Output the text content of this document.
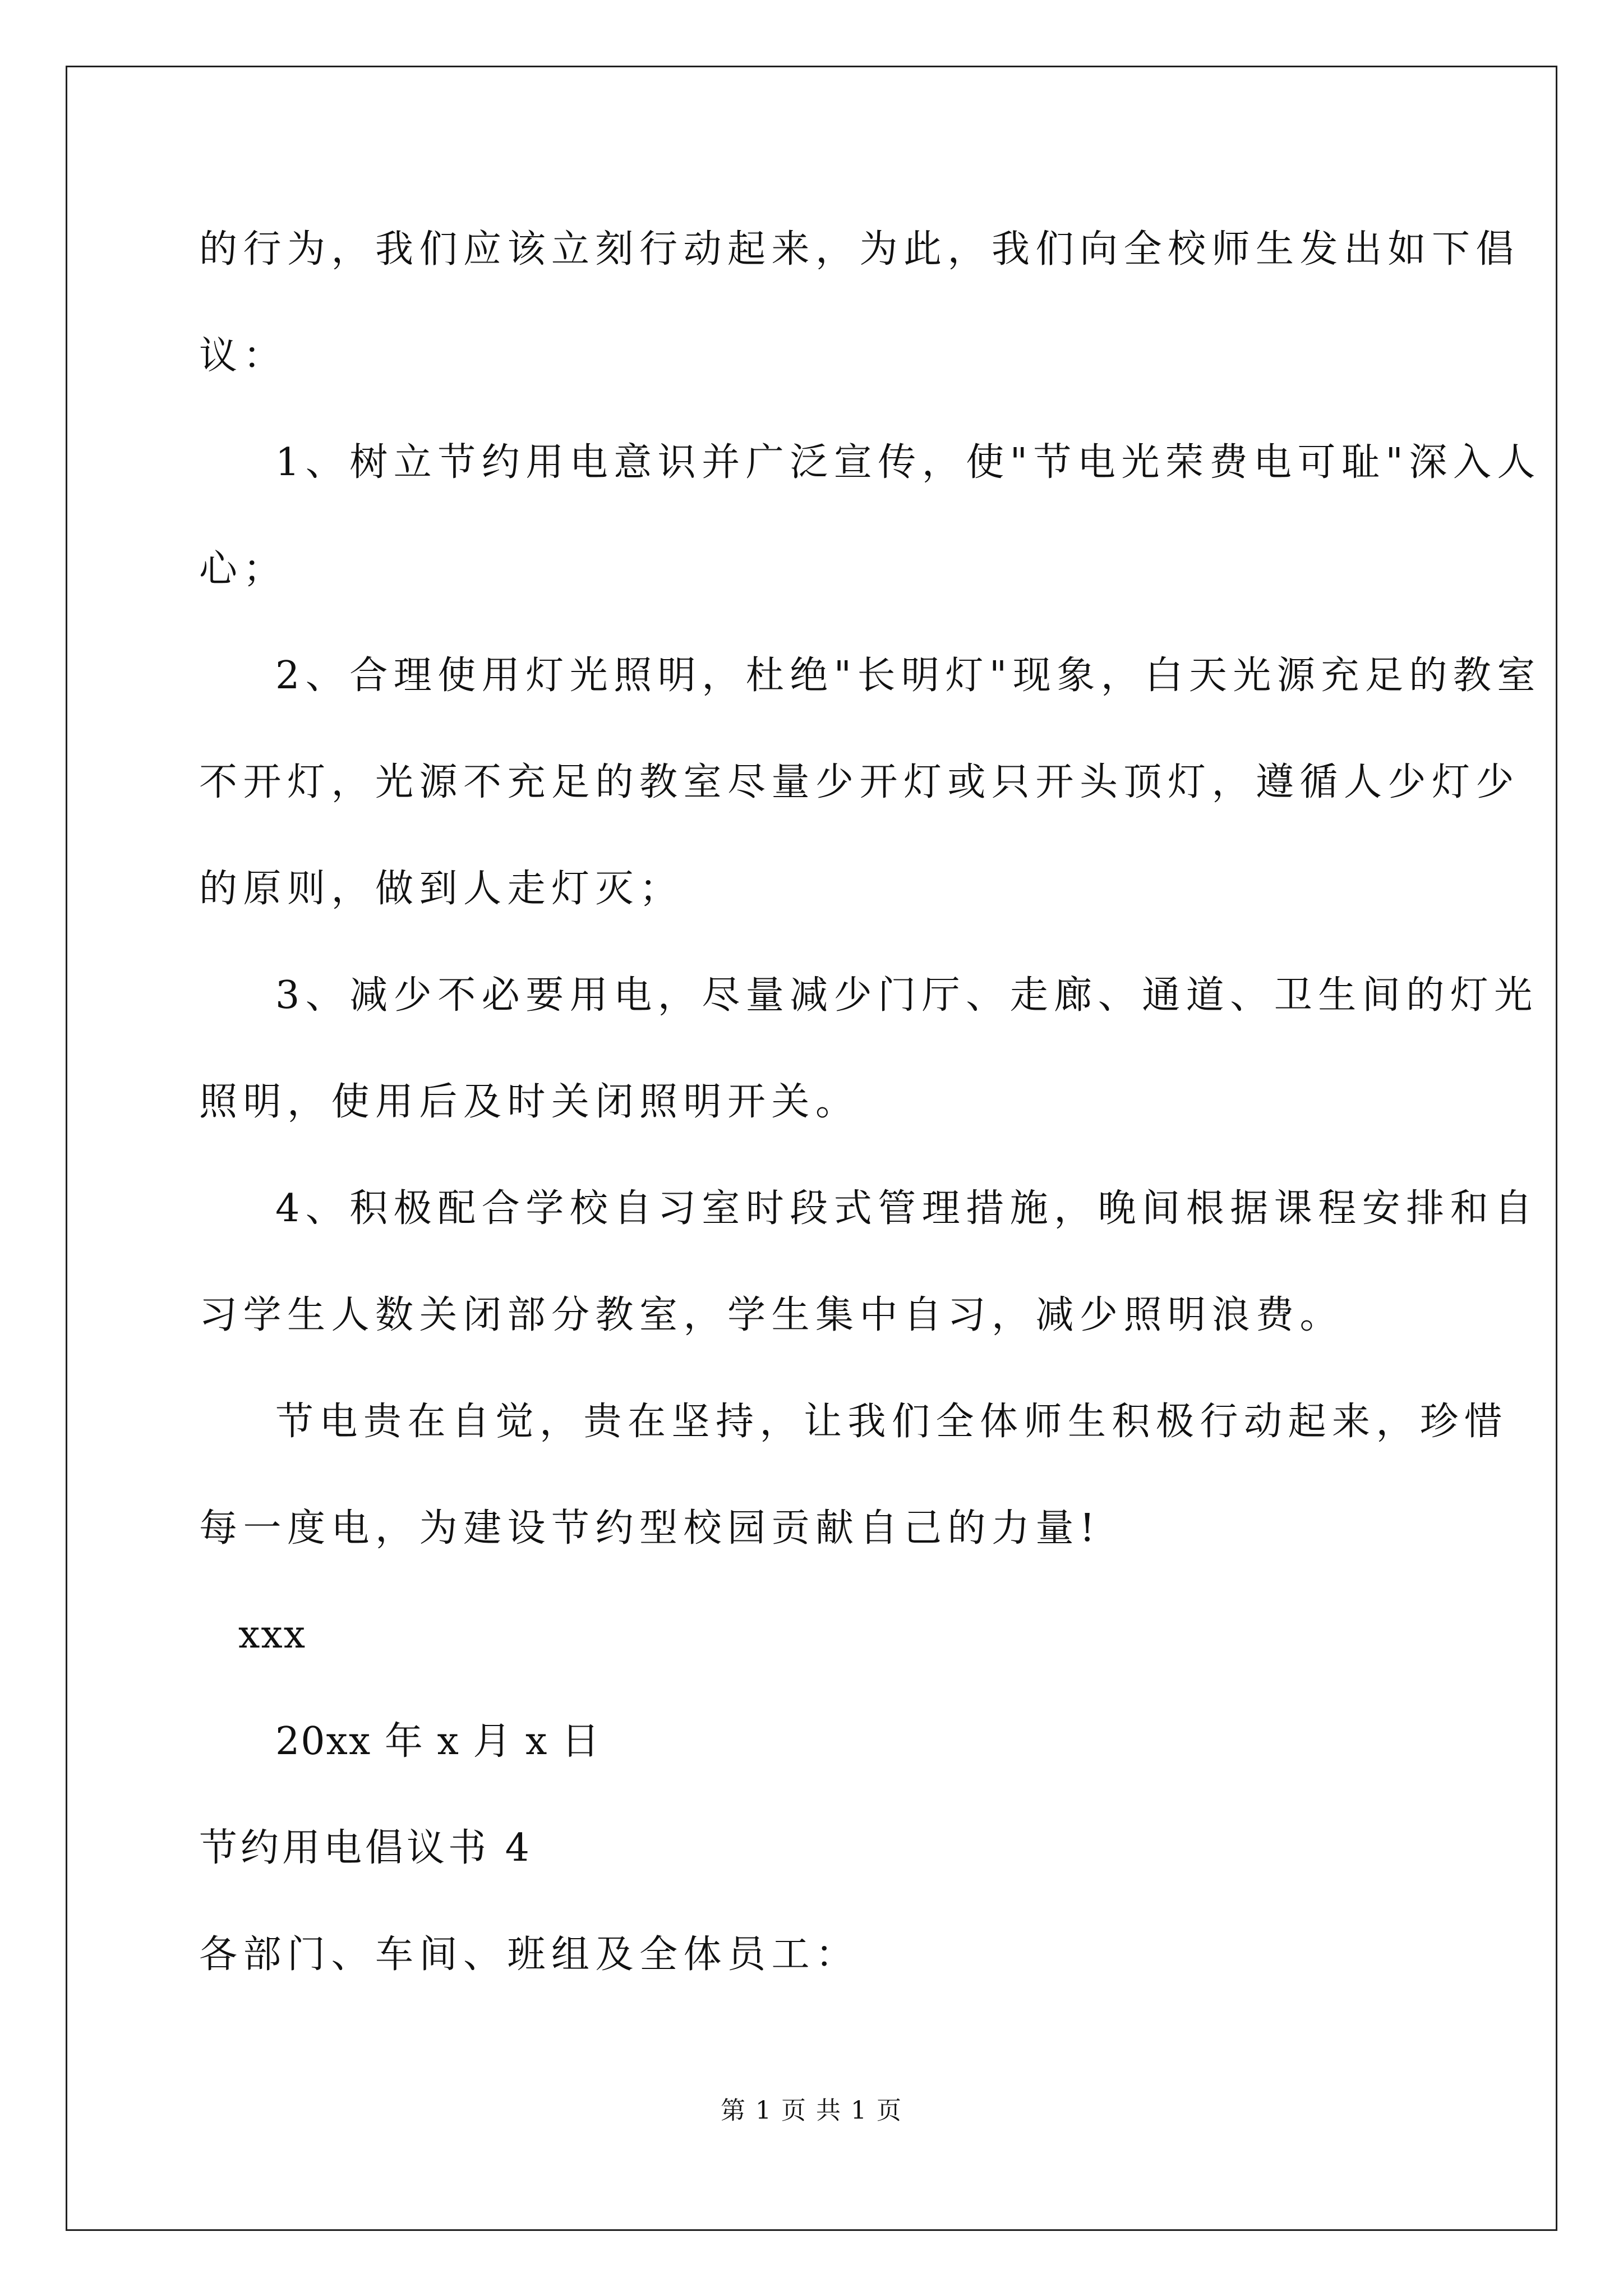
的行为，我们应该立刻行动起来，为此，我们向全校师生发出如下倡
议：
1、树立节约用电意识并广泛宣传，使"节电光荣费电可耻"深入人
心；
2、合理使用灯光照明，杜绝"长明灯"现象，白天光源充足的教室
不开灯，光源不充足的教室尽量少开灯或只开头顶灯，遵循人少灯少
的原则，做到人走灯灭；
3、减少不必要用电，尽量减少门厅、走廊、通道、卫生间的灯光
照明，使用后及时关闭照明开关。
4、积极配合学校自习室时段式管理措施，晚间根据课程安排和自
习学生人数关闭部分教室，学生集中自习，减少照明浪费。
节电贵在自觉，贵在坚持，让我们全体师生积极行动起来，珍惜
每一度电，为建设节约型校园贡献自己的力量!
xxx
20xx 年 x 月 x 日
节约用电倡议书 4
各部门、车间、班组及全体员工：
第 1 页 共 1 页
